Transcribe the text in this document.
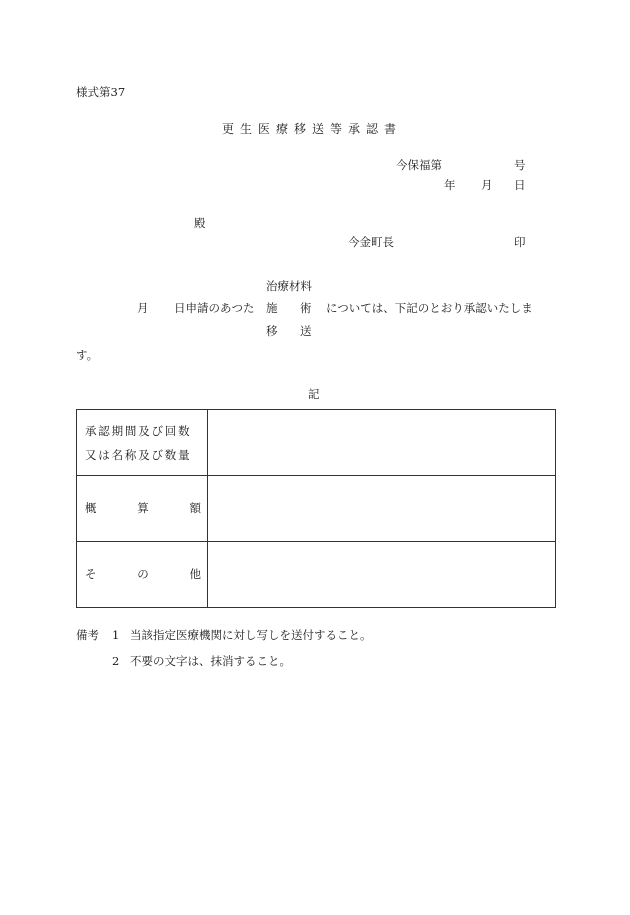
様式第37
更生医療移送等承認書
今保福第	号
年 月 日
殿
今金町長	印
治療材料
施 術
移 送
月 日申請のあつた	については、下記のとおり承認いたしま
す。
記
承認期間及び回数
又は名称及び数量	

概 算 額	

そ の 他	

備考 1 当該指定医療機関に対し写しを送付すること。
2 不要の文字は、抹消すること。
